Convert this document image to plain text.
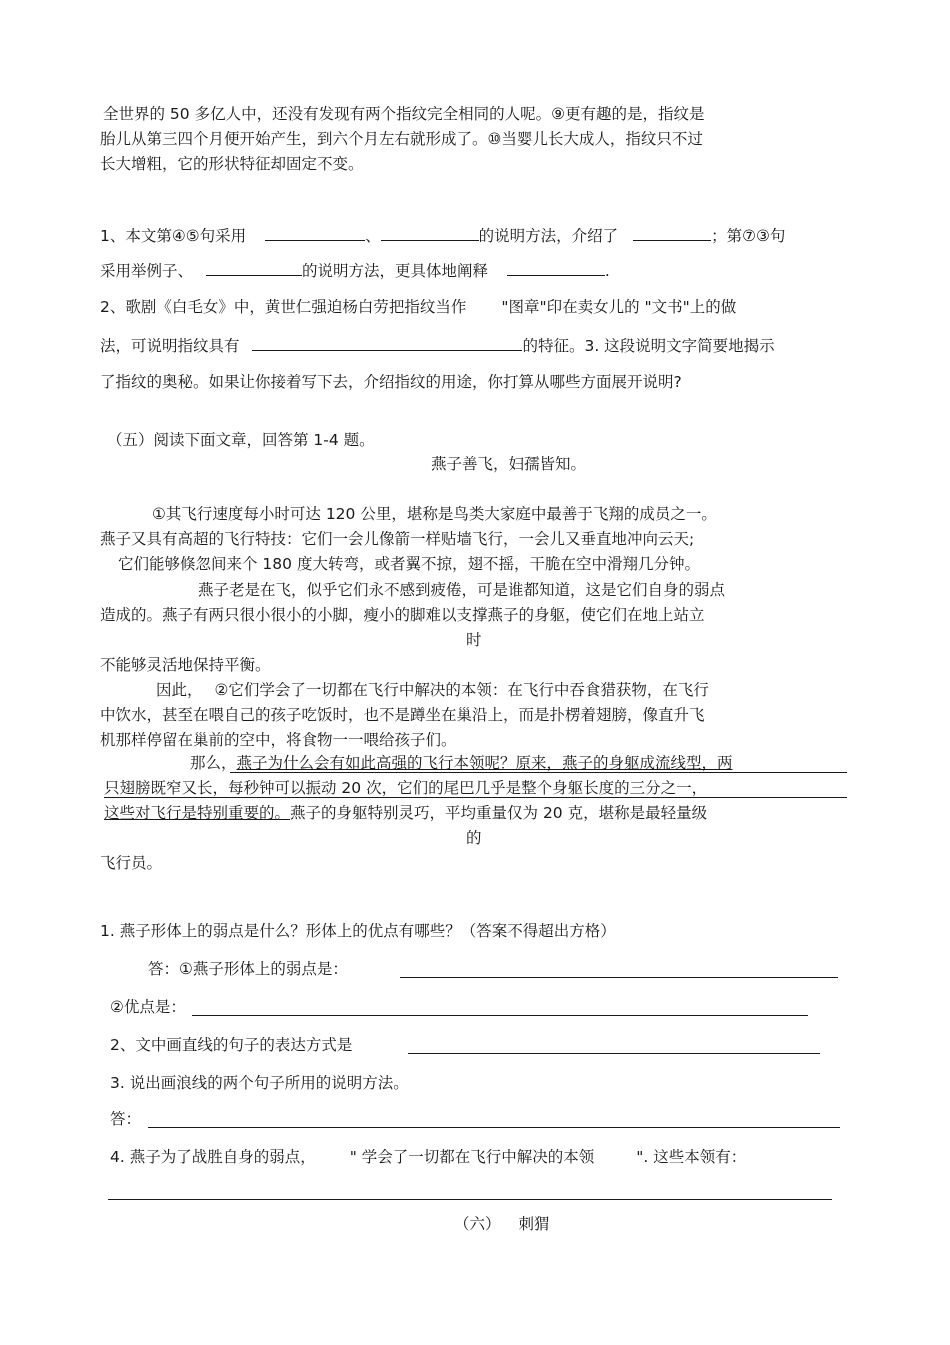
全世界的 50 多亿人中，还没有发现有两个指纹完全相同的人呢。⑨更有趣的是，指纹是
胎儿从第三四个月便开始产生，到六个月左右就形成了。⑩当婴儿长大成人，指纹只不过
长大增粗，它的形状特征却固定不变。
1、本文第④⑤句采用	、	的说明方法，介绍了	；第⑦③句
采用举例子、	的说明方法，更具体地阐释	.
2、歌剧《白毛女》中，黄世仁强迫杨白劳把指纹当作 "图章"印在卖女儿的 "文书"上的做
法，可说明指纹具有	的特征。3. 这段说明文字简要地揭示
了指纹的奥秘。如果让你接着写下去，介绍指纹的用途，你打算从哪些方面展开说明?
（五）阅读下面文章，回答第 1-4 题。
燕子善飞，妇孺皆知。
①其飞行速度每小时可达 120 公里，堪称是鸟类大家庭中最善于飞翔的成员之一。
燕子又具有高超的飞行特技：它们一会儿像箭一样贴墙飞行，一会儿又垂直地冲向云天;
它们能够倏忽间来个 180 度大转弯，或者翼不掠，翅不摇，干脆在空中滑翔几分钟。
燕子老是在飞，似乎它们永不感到疲倦，可是谁都知道，这是它们自身的弱点
造成的。燕子有两只很小很小的小脚，瘦小的脚难以支撑燕子的身躯，使它们在地上站立
时
不能够灵活地保持平衡。
因此， ②它们学会了一切都在飞行中解决的本领：在飞行中吞食猎获物，在飞行
中饮水，甚至在喂自己的孩子吃饭时，也不是蹲坐在巢沿上，而是扑楞着翅膀，像直升飞
机那样停留在巢前的空中，将食物一一喂给孩子们。
那么，燕子为什么会有如此高强的飞行本领呢？原来，燕子的身躯成流线型，两
只翅膀既窄又长，每秒钟可以振动 20 次，它们的尾巴几乎是整个身躯长度的三分之一，
这些对飞行是特别重要的。燕子的身躯特别灵巧，平均重量仅为 20 克，堪称是最轻量级
的
飞行员。
1. 燕子形体上的弱点是什么？形体上的优点有哪些？（答案不得超出方格）
答：①燕子形体上的弱点是：
②优点是：
2、文中画直线的句子的表达方式是
3. 说出画浪线的两个句子所用的说明方法。
答：
4. 燕子为了战胜自身的弱点， " 学会了一切都在飞行中解决的本领	". 这些本领有：
（六） 刺猬
